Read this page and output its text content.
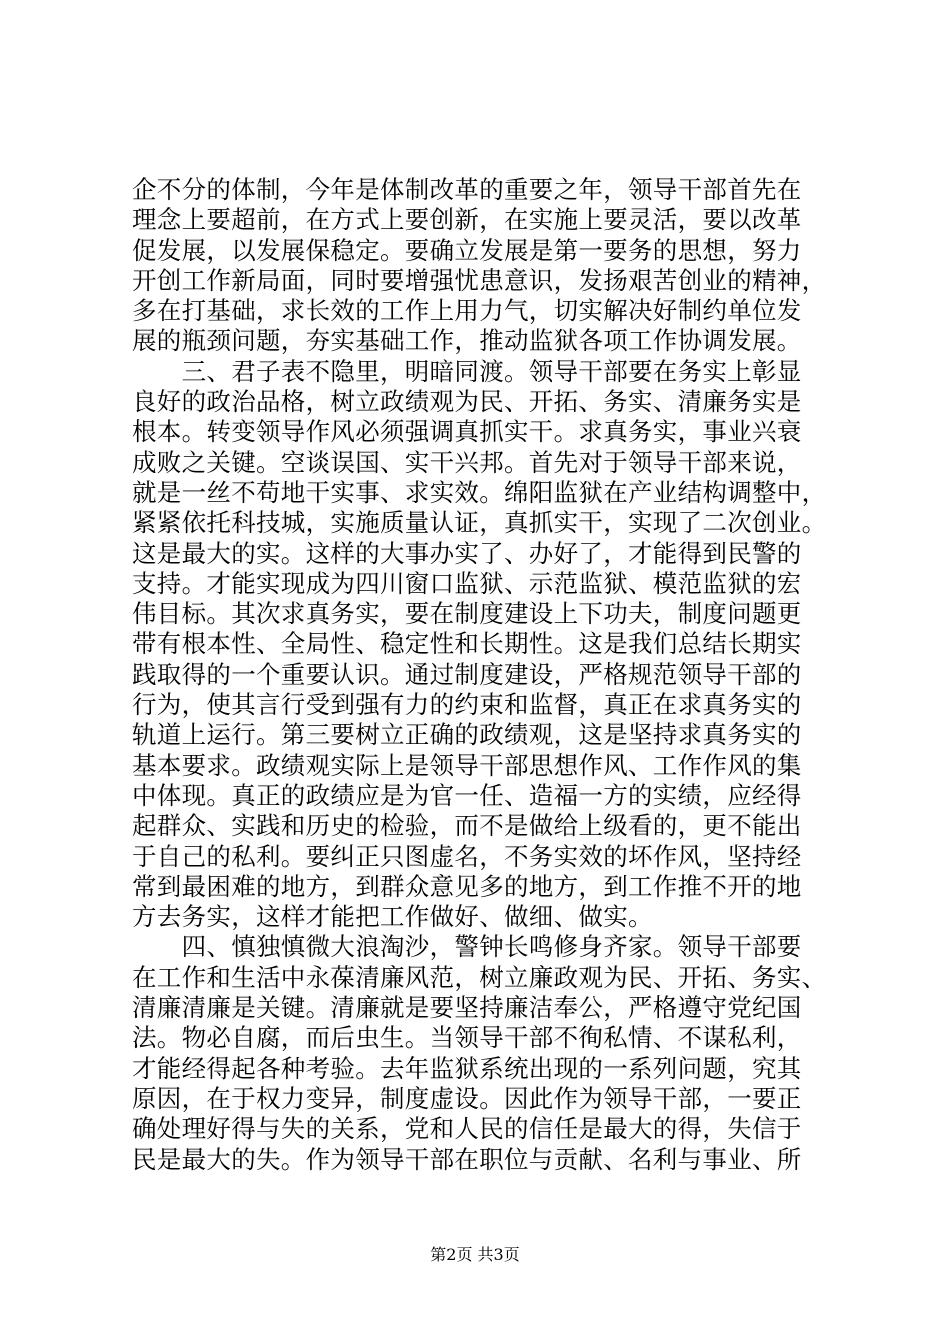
企不分的体制，今年是体制改革的重要之年，领导干部首先在
理念上要超前，在方式上要创新，在实施上要灵活，要以改革
促发展，以发展保稳定。要确立发展是第一要务的思想，努力
开创工作新局面，同时要增强忧患意识，发扬艰苦创业的精神，
多在打基础，求长效的工作上用力气，切实解决好制约单位发
展的瓶颈问题，夯实基础工作，推动监狱各项工作协调发展。
　　三、君子表不隐里，明暗同渡。领导干部要在务实上彰显
良好的政治品格，树立政绩观为民、开拓、务实、清廉务实是
根本。转变领导作风必须强调真抓实干。求真务实，事业兴衰
成败之关键。空谈误国、实干兴邦。首先对于领导干部来说，
就是一丝不苟地干实事、求实效。绵阳监狱在产业结构调整中，
紧紧依托科技城，实施质量认证，真抓实干，实现了二次创业。
这是最大的实。这样的大事办实了、办好了，才能得到民警的
支持。才能实现成为四川窗口监狱、示范监狱、模范监狱的宏
伟目标。其次求真务实，要在制度建设上下功夫，制度问题更
带有根本性、全局性、稳定性和长期性。这是我们总结长期实
践取得的一个重要认识。通过制度建设，严格规范领导干部的
行为，使其言行受到强有力的约束和监督，真正在求真务实的
轨道上运行。第三要树立正确的政绩观，这是坚持求真务实的
基本要求。政绩观实际上是领导干部思想作风、工作作风的集
中体现。真正的政绩应是为官一任、造福一方的实绩，应经得
起群众、实践和历史的检验，而不是做给上级看的，更不能出
于自己的私利。要纠正只图虚名，不务实效的坏作风，坚持经
常到最困难的地方，到群众意见多的地方，到工作推不开的地
方去务实，这样才能把工作做好、做细、做实。
　　四、慎独慎微大浪淘沙，警钟长鸣修身齐家。领导干部要
在工作和生活中永葆清廉风范，树立廉政观为民、开拓、务实、
清廉清廉是关键。清廉就是要坚持廉洁奉公，严格遵守党纪国
法。物必自腐，而后虫生。当领导干部不徇私情、不谋私利，
才能经得起各种考验。去年监狱系统出现的一系列问题，究其
原因，在于权力变异，制度虚设。因此作为领导干部，一要正
确处理好得与失的关系，党和人民的信任是最大的得，失信于
民是最大的失。作为领导干部在职位与贡献、名利与事业、所
第2页 共3页
